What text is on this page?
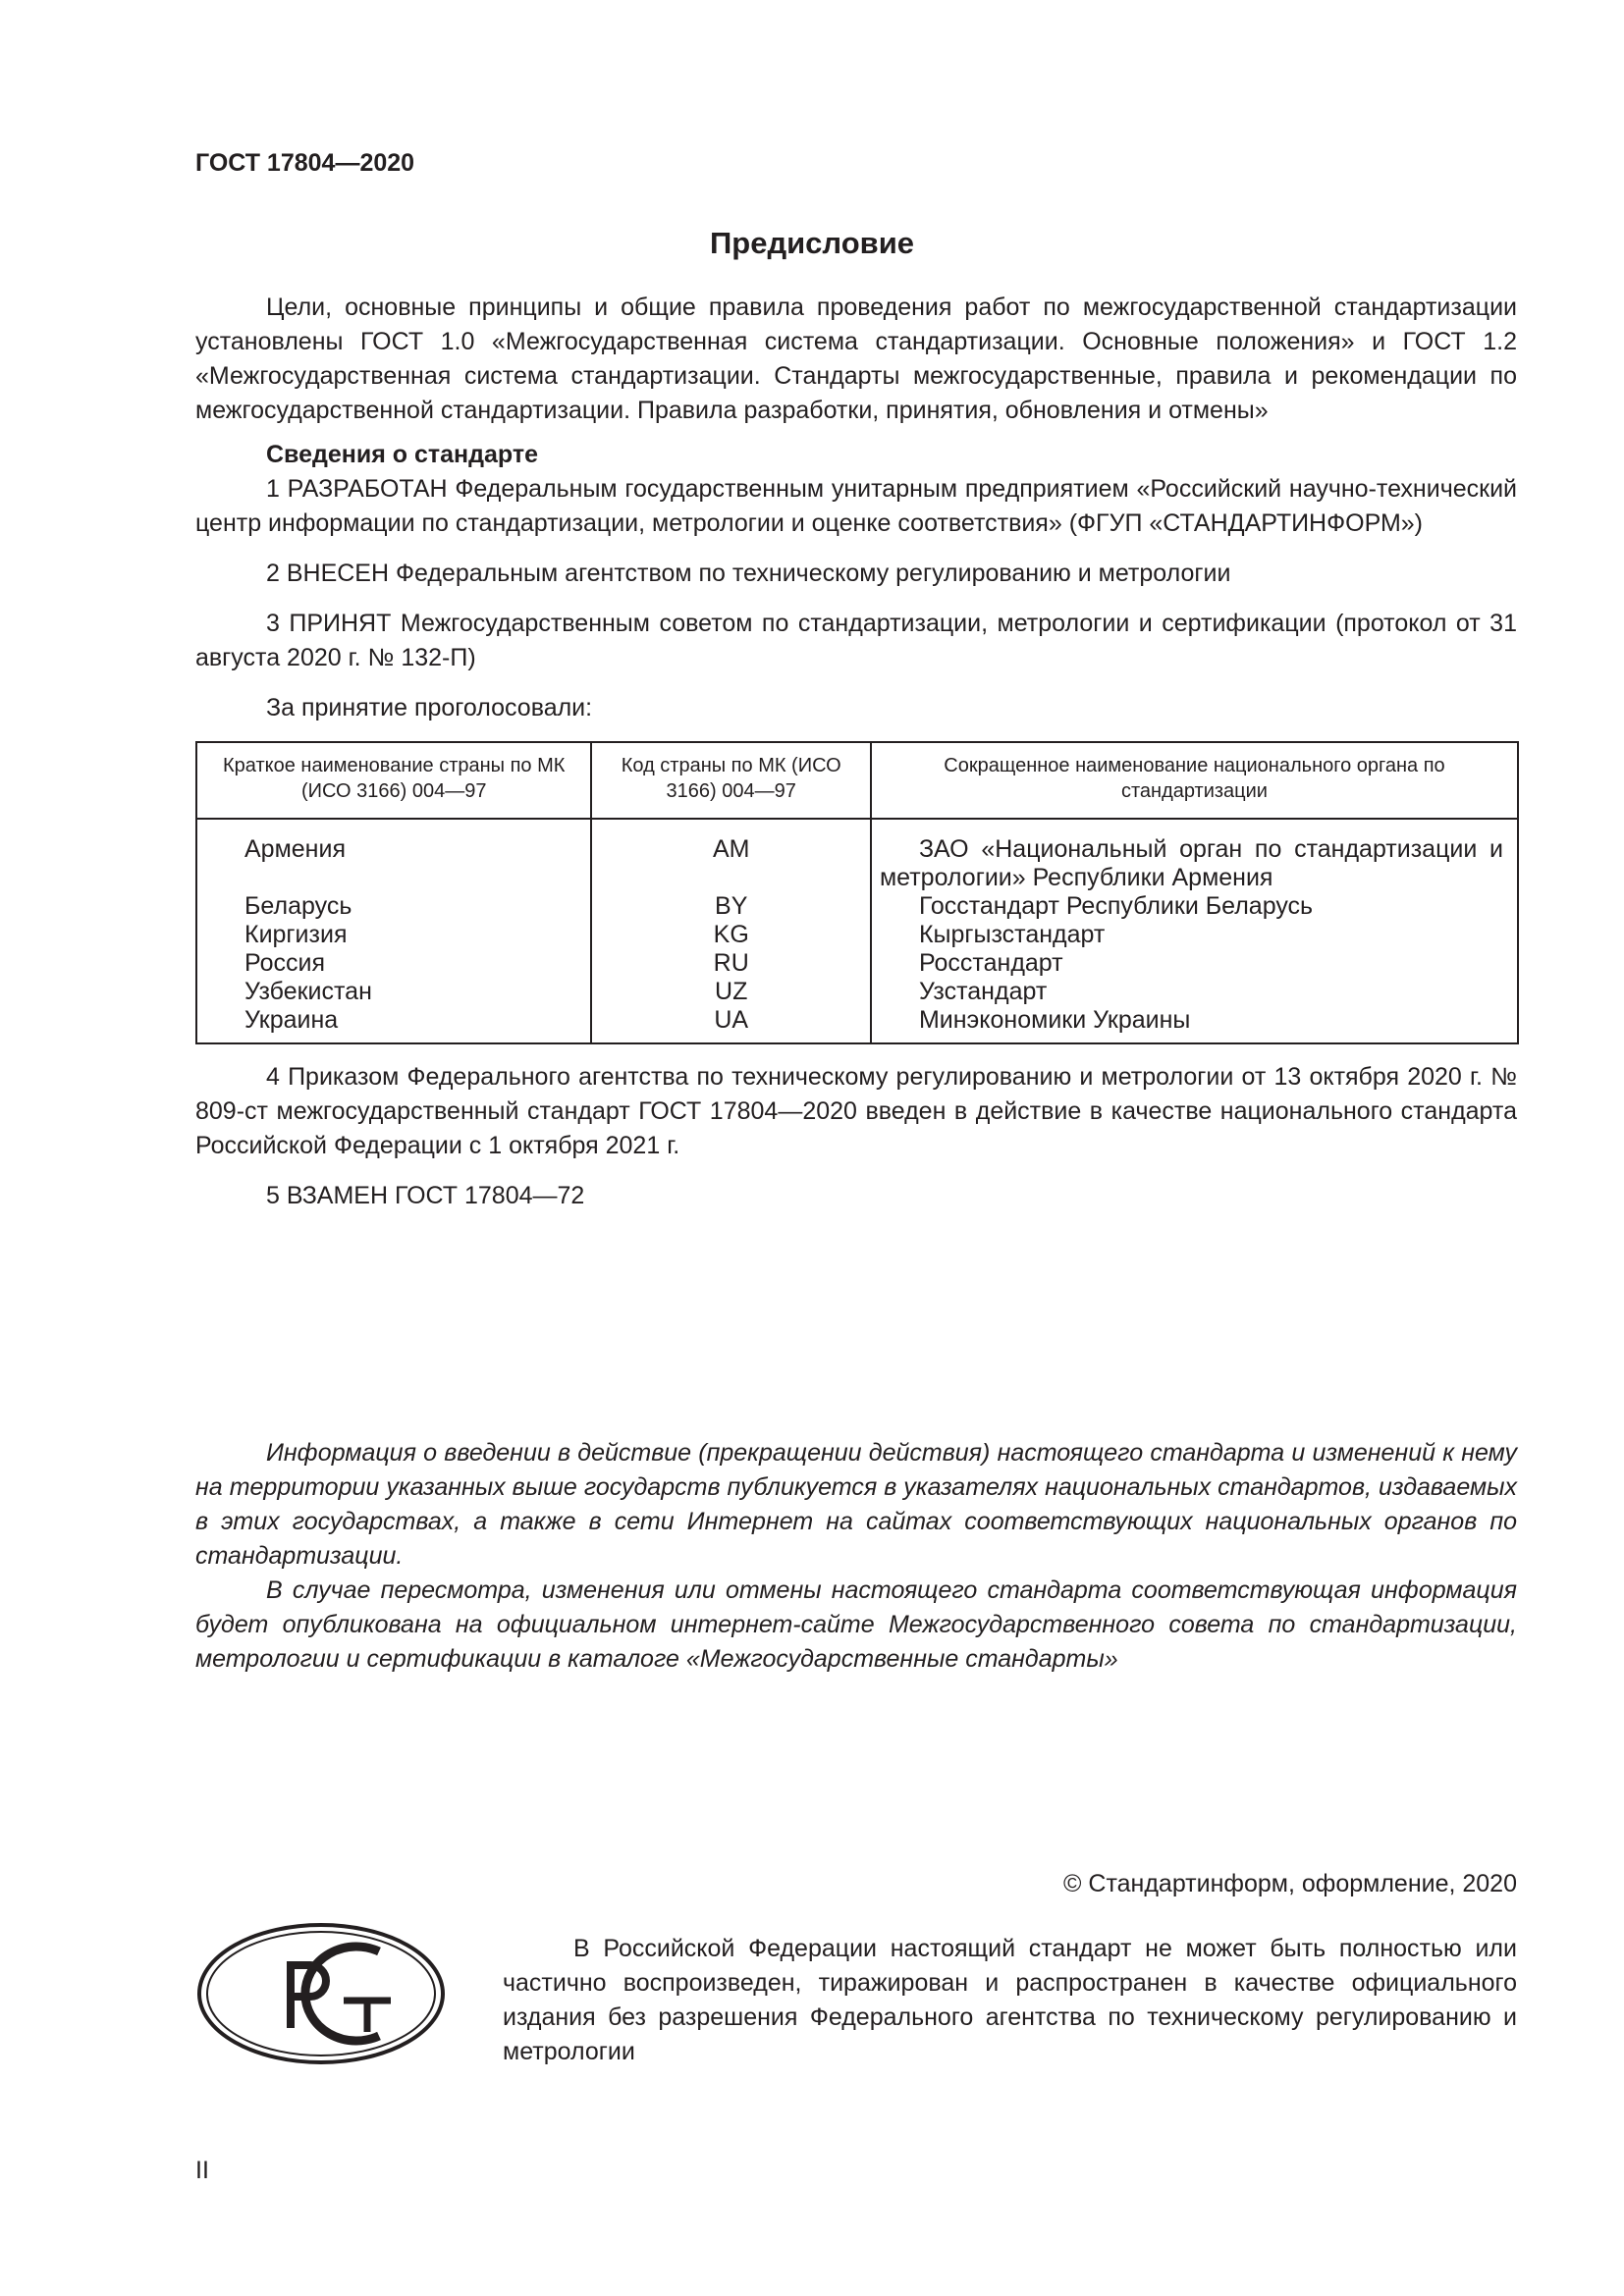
ГОСТ 17804—2020
Предисловие

Цели, основные принципы и общие правила проведения работ по межгосударственной стандартизации установлены ГОСТ 1.0 «Межгосударственная система стандартизации. Основные положения» и ГОСТ 1.2 «Межгосударственная система стандартизации. Стандарты межгосударственные, правила и рекомендации по межгосударственной стандартизации. Правила разработки, принятия, обновления и отмены»

Сведения о стандарте

1 РАЗРАБОТАН Федеральным государственным унитарным предприятием «Российский научно-технический центр информации по стандартизации, метрологии и оценке соответствия» (ФГУП «СТАНДАРТИНФОРМ»)

2 ВНЕСЕН Федеральным агентством по техническому регулированию и метрологии

3 ПРИНЯТ Межгосударственным советом по стандартизации, метрологии и сертификации (протокол от 31 августа 2020 г. № 132-П)

За принятие проголосовали:

Краткое наименование страны по МК (ИСО 3166) 004—97	Код страны по МК (ИСО 3166) 004—97	Сокращенное наименование национального органа по стандартизации
Армения	AM	ЗАО «Национальный орган по стандартизации и метрологии» Республики Армения

Беларусь	BY	Госстандарт Республики Беларусь

Киргизия	KG	Кыргызстандарт

Россия	RU	Росстандарт

Узбекистан	UZ	Узстандарт

Украина	UA	Минэкономики Украины

4 Приказом Федерального агентства по техническому регулированию и метрологии от 13 октября 2020 г. № 809-ст межгосударственный стандарт ГОСТ 17804—2020 введен в действие в качестве национального стандарта Российской Федерации с 1 октября 2021 г.

5 ВЗАМЕН ГОСТ 17804—72

Информация о введении в действие (прекращении действия) настоящего стандарта и изменений к нему на территории указанных выше государств публикуется в указателях национальных стандартов, издаваемых в этих государствах, а также в сети Интернет на сайтах соответствующих национальных органов по стандартизации.

В случае пересмотра, изменения или отмены настоящего стандарта соответствующая информация будет опубликована на официальном интернет-сайте Межгосударственного совета по стандартизации, метрологии и сертификации в каталоге «Межгосударственные стандарты»

© Стандартинформ, оформление, 2020
РСТ

В Российской Федерации настоящий стандарт не может быть полностью или частично воспроизведен, тиражирован и распространен в качестве официального издания без разрешения Федерального агентства по техническому регулированию и метрологии

II
